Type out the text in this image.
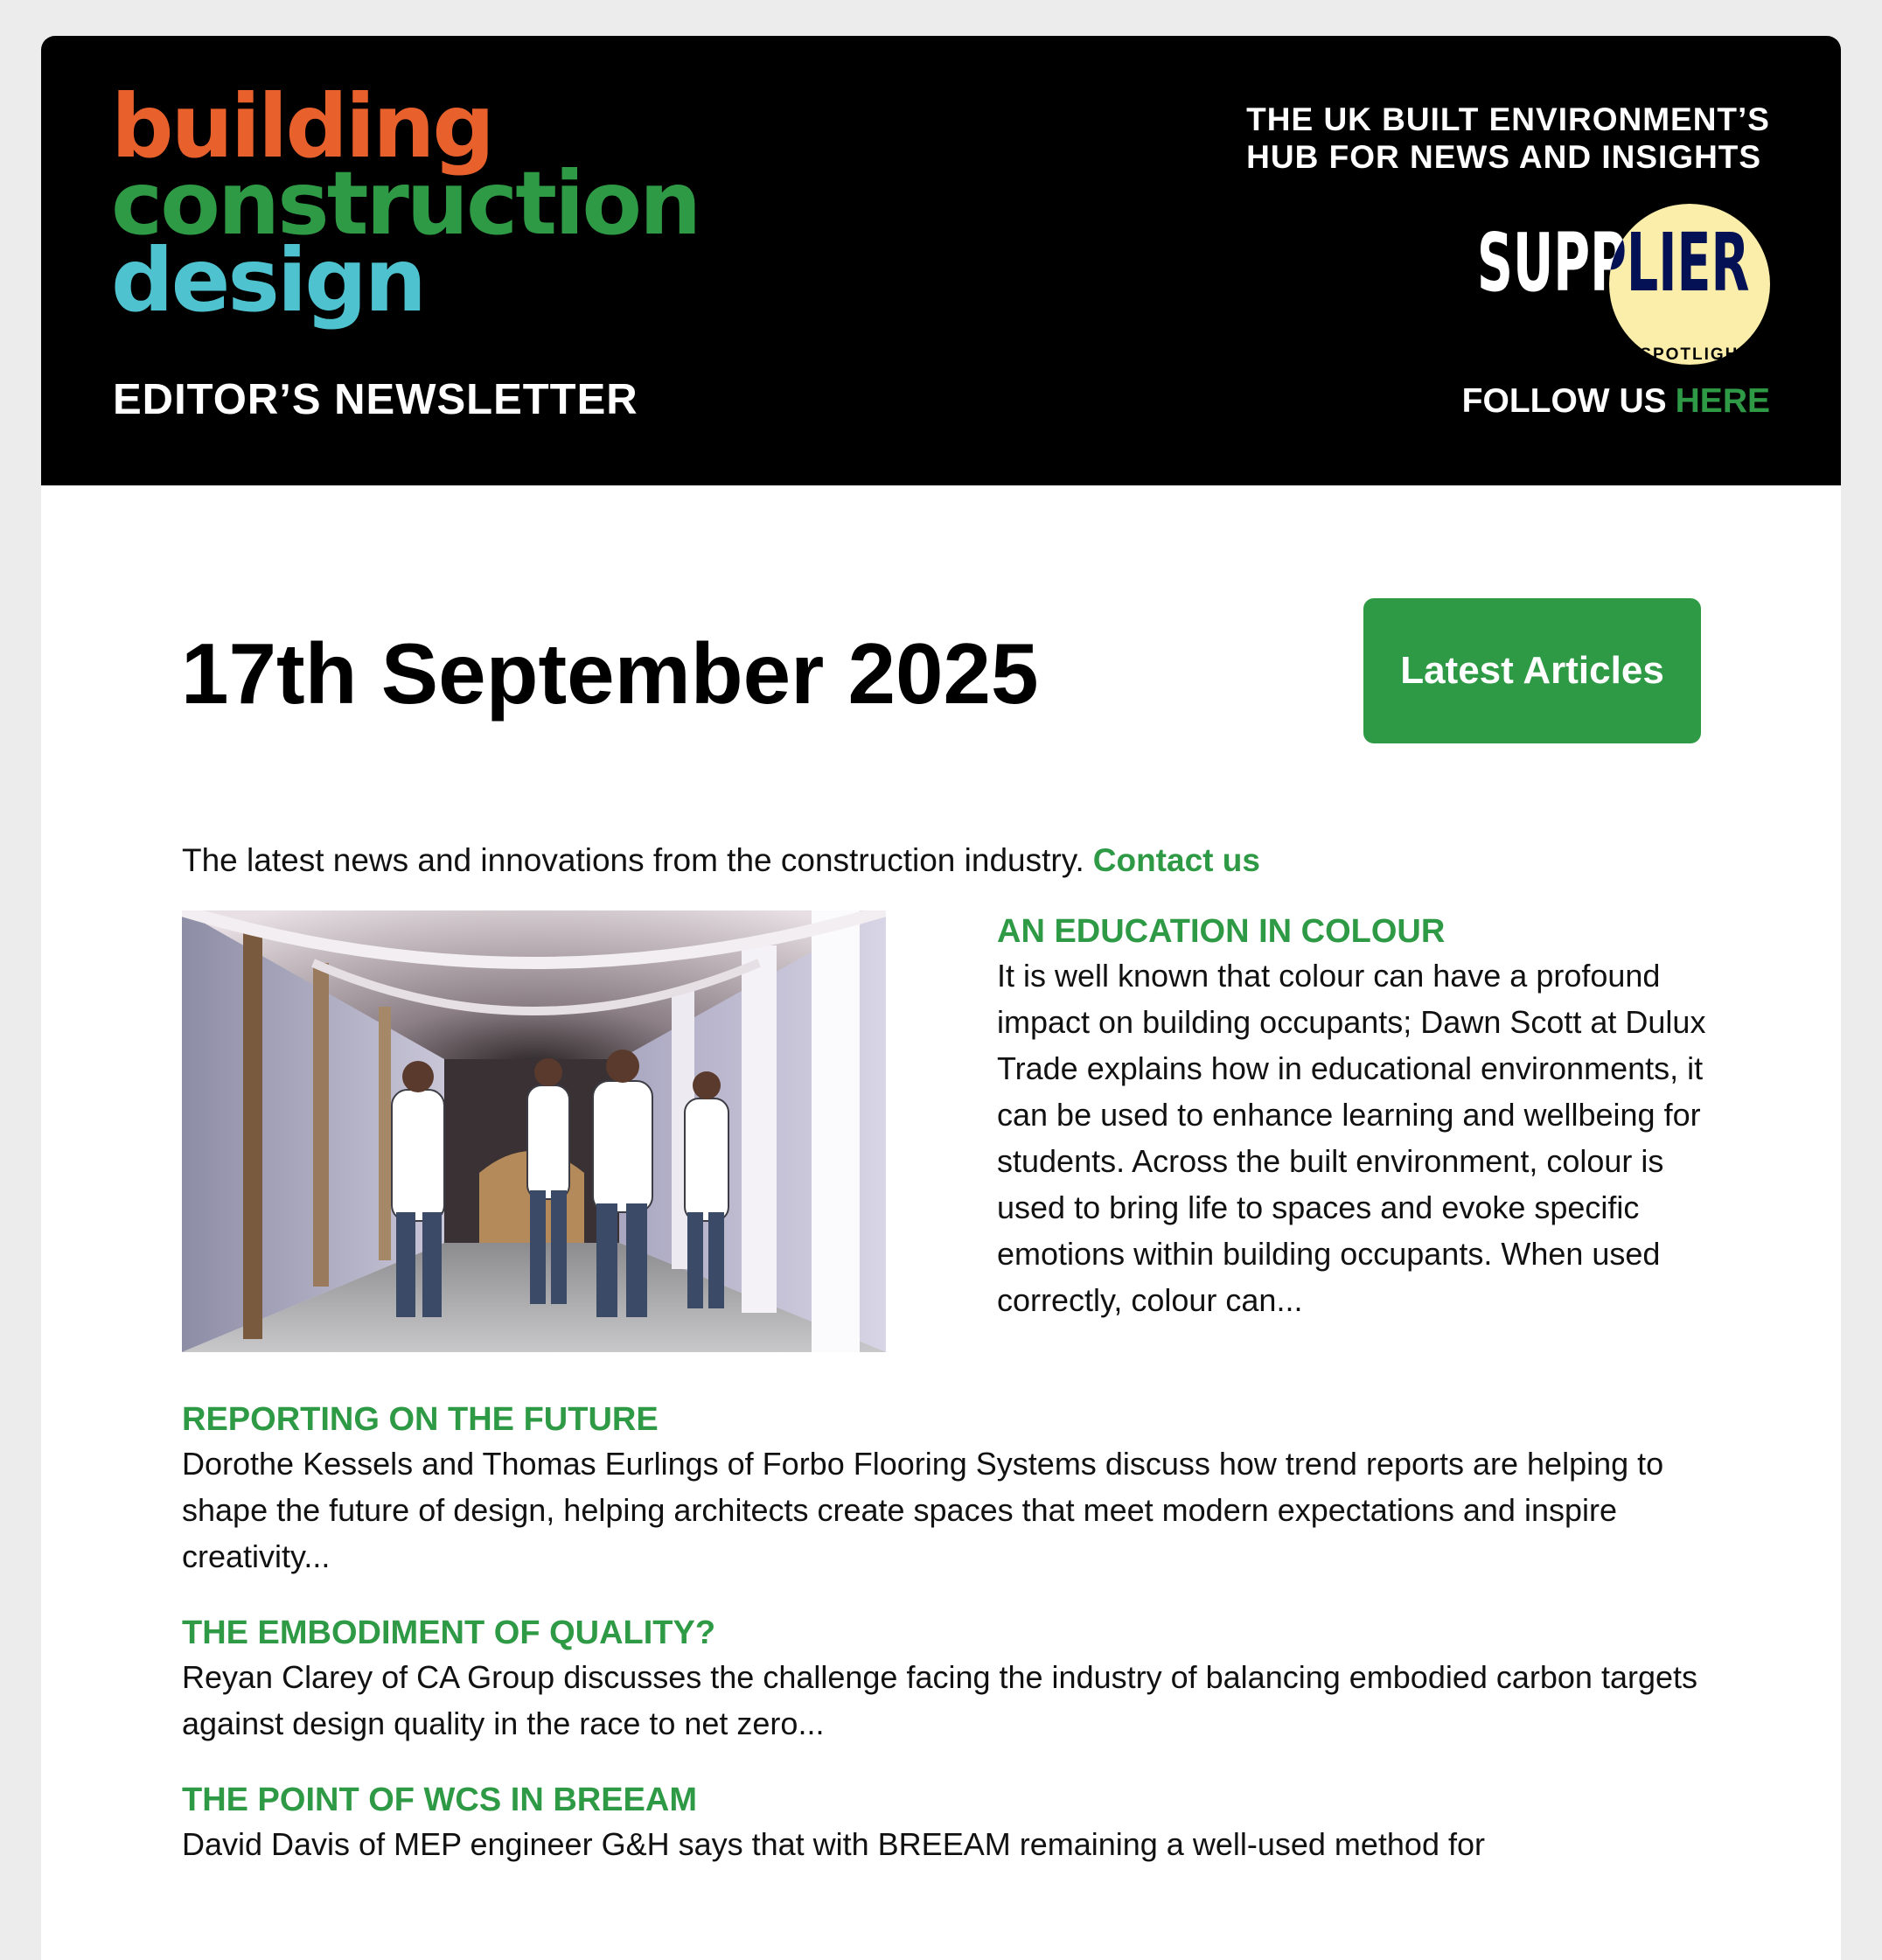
building
construction
design
EDITOR’S NEWSLETTER
THE UK BUILT ENVIRONMENT’S
HUB FOR NEWS AND INSIGHTS
SUPPLIER
SPOTLIGHT
FOLLOW US HERE
17th September 2025	Latest Articles
The latest news and innovations from the construction industry. Contact us
AN EDUCATION IN COLOUR
It is well known that colour can have a profound impact on building occupants; Dawn Scott at Dulux Trade explains how in educational environments, it can be used to enhance learning and wellbeing for students. Across the built environment, colour is used to bring life to spaces and evoke specific emotions within building occupants. When used correctly, colour can...
REPORTING ON THE FUTURE
Dorothe Kessels and Thomas Eurlings of Forbo Flooring Systems discuss how trend reports are helping to shape the future of design, helping architects create spaces that meet modern expectations and inspire creativity...
THE EMBODIMENT OF QUALITY?
Reyan Clarey of CA Group discusses the challenge facing the industry of balancing embodied carbon targets against design quality in the race to net zero...
THE POINT OF WCS IN BREEAM
David Davis of MEP engineer G&H says that with BREEAM remaining a well-used method for
